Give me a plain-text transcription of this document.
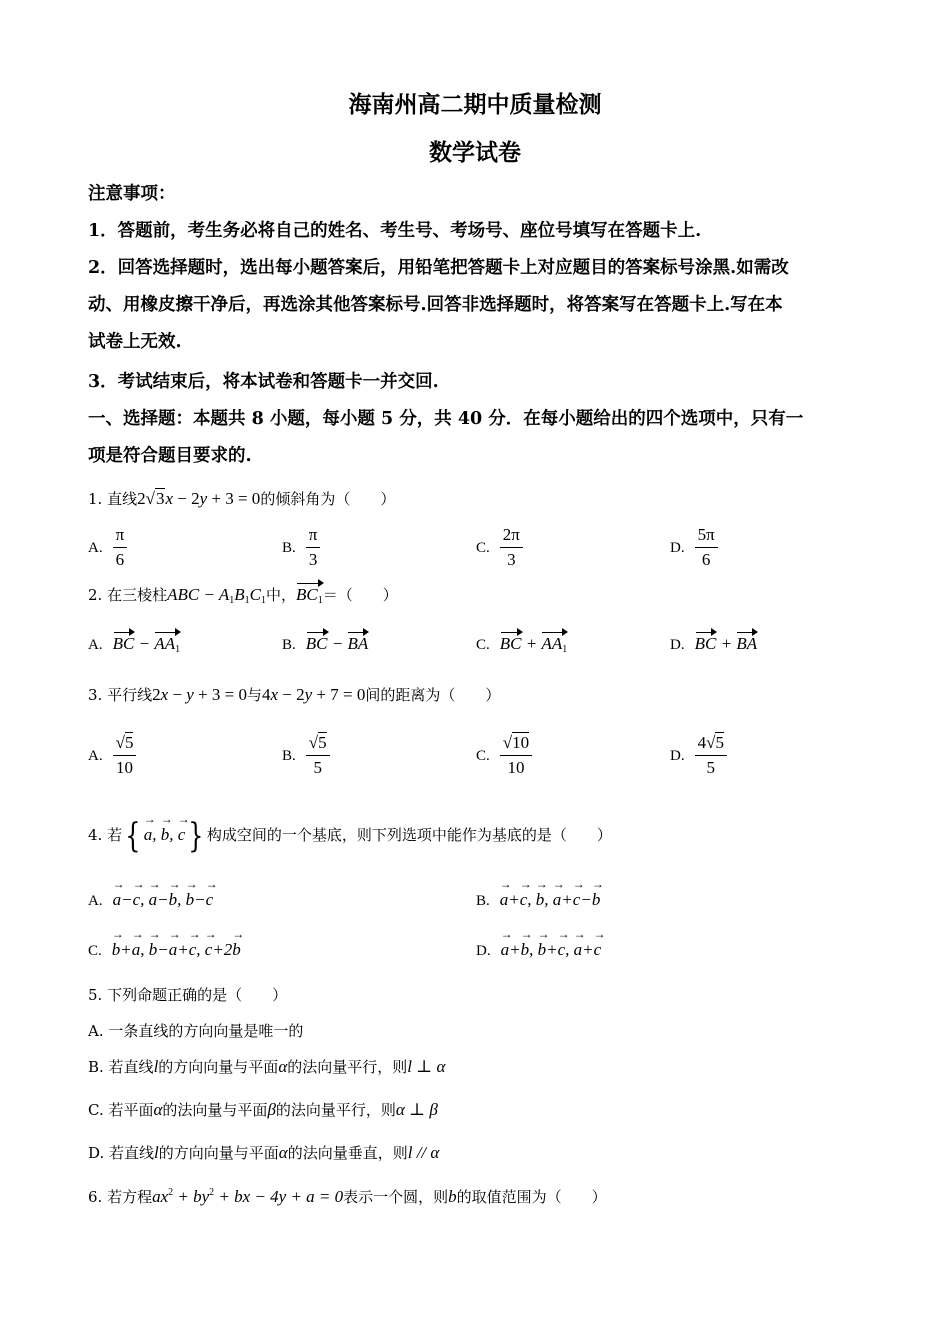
海南州高二期中质量检测
数学试卷
注意事项：
1．答题前，考生务必将自己的姓名、考生号、考场号、座位号填写在答题卡上.
2．回答选择题时，选出每小题答案后，用铅笔把答题卡上对应题目的答案标号涂黑.如需改
动、用橡皮擦干净后，再选涂其他答案标号.回答非选择题时，将答案写在答题卡上.写在本
试卷上无效.
3．考试结束后，将本试卷和答题卡一并交回.
一、选择题：本题共 8 小题，每小题 5 分，共 40 分．在每小题给出的四个选项中，只有一
项是符合题目要求的.
1. 直线2√3x − 2y + 3 = 0的倾斜角为（　　）
A. $\frac{\pi}{6}$	B. $\frac{\pi}{3}$	C. $\frac{2\pi}{3}$	D. $\frac{5\pi}{6}$
2. 在三棱柱ABC − $A_1B_1C_1$中，$BC_1=$（　　）
A. BC − $AA_1$	B. BC − BA	C. BC + $AA_1$	D. BC + BA
3. 平行线2x − y + 3 = 0与4x − 2y + 7 = 0间的距离为（　　）
A. $\frac{√5}{10}$	B. $\frac{√5}{5}$	C. $\frac{√10}{10}$	D. $\frac{4√5}{5}$
4. 若{ → a, → b, → c} 构成空间的一个基底，则下列选项中能作为基底的是（　　）
A. → a−→ c, → a−→ b, → b−→ c	B. → a+→ c, → b, → a+→ c−→ b
C. → b+→ a, → b−→ a+→ c, → c+2→ b	D. → a+→ b, → b+→ c, → a+→ c
5. 下列命题正确的是（　　）
A. 一条直线的方向向量是唯一的
B. 若直线l的方向向量与平面α的法向量平行，则l ⊥ α
C. 若平面α的法向量与平面β的法向量平行，则α ⊥ β
D. 若直线l的方向向量与平面α的法向量垂直，则l // α
6. 若方程$ax^2 + by^2$ + bx − 4y + a = 0表示一个圆，则b的取值范围为（　　）
